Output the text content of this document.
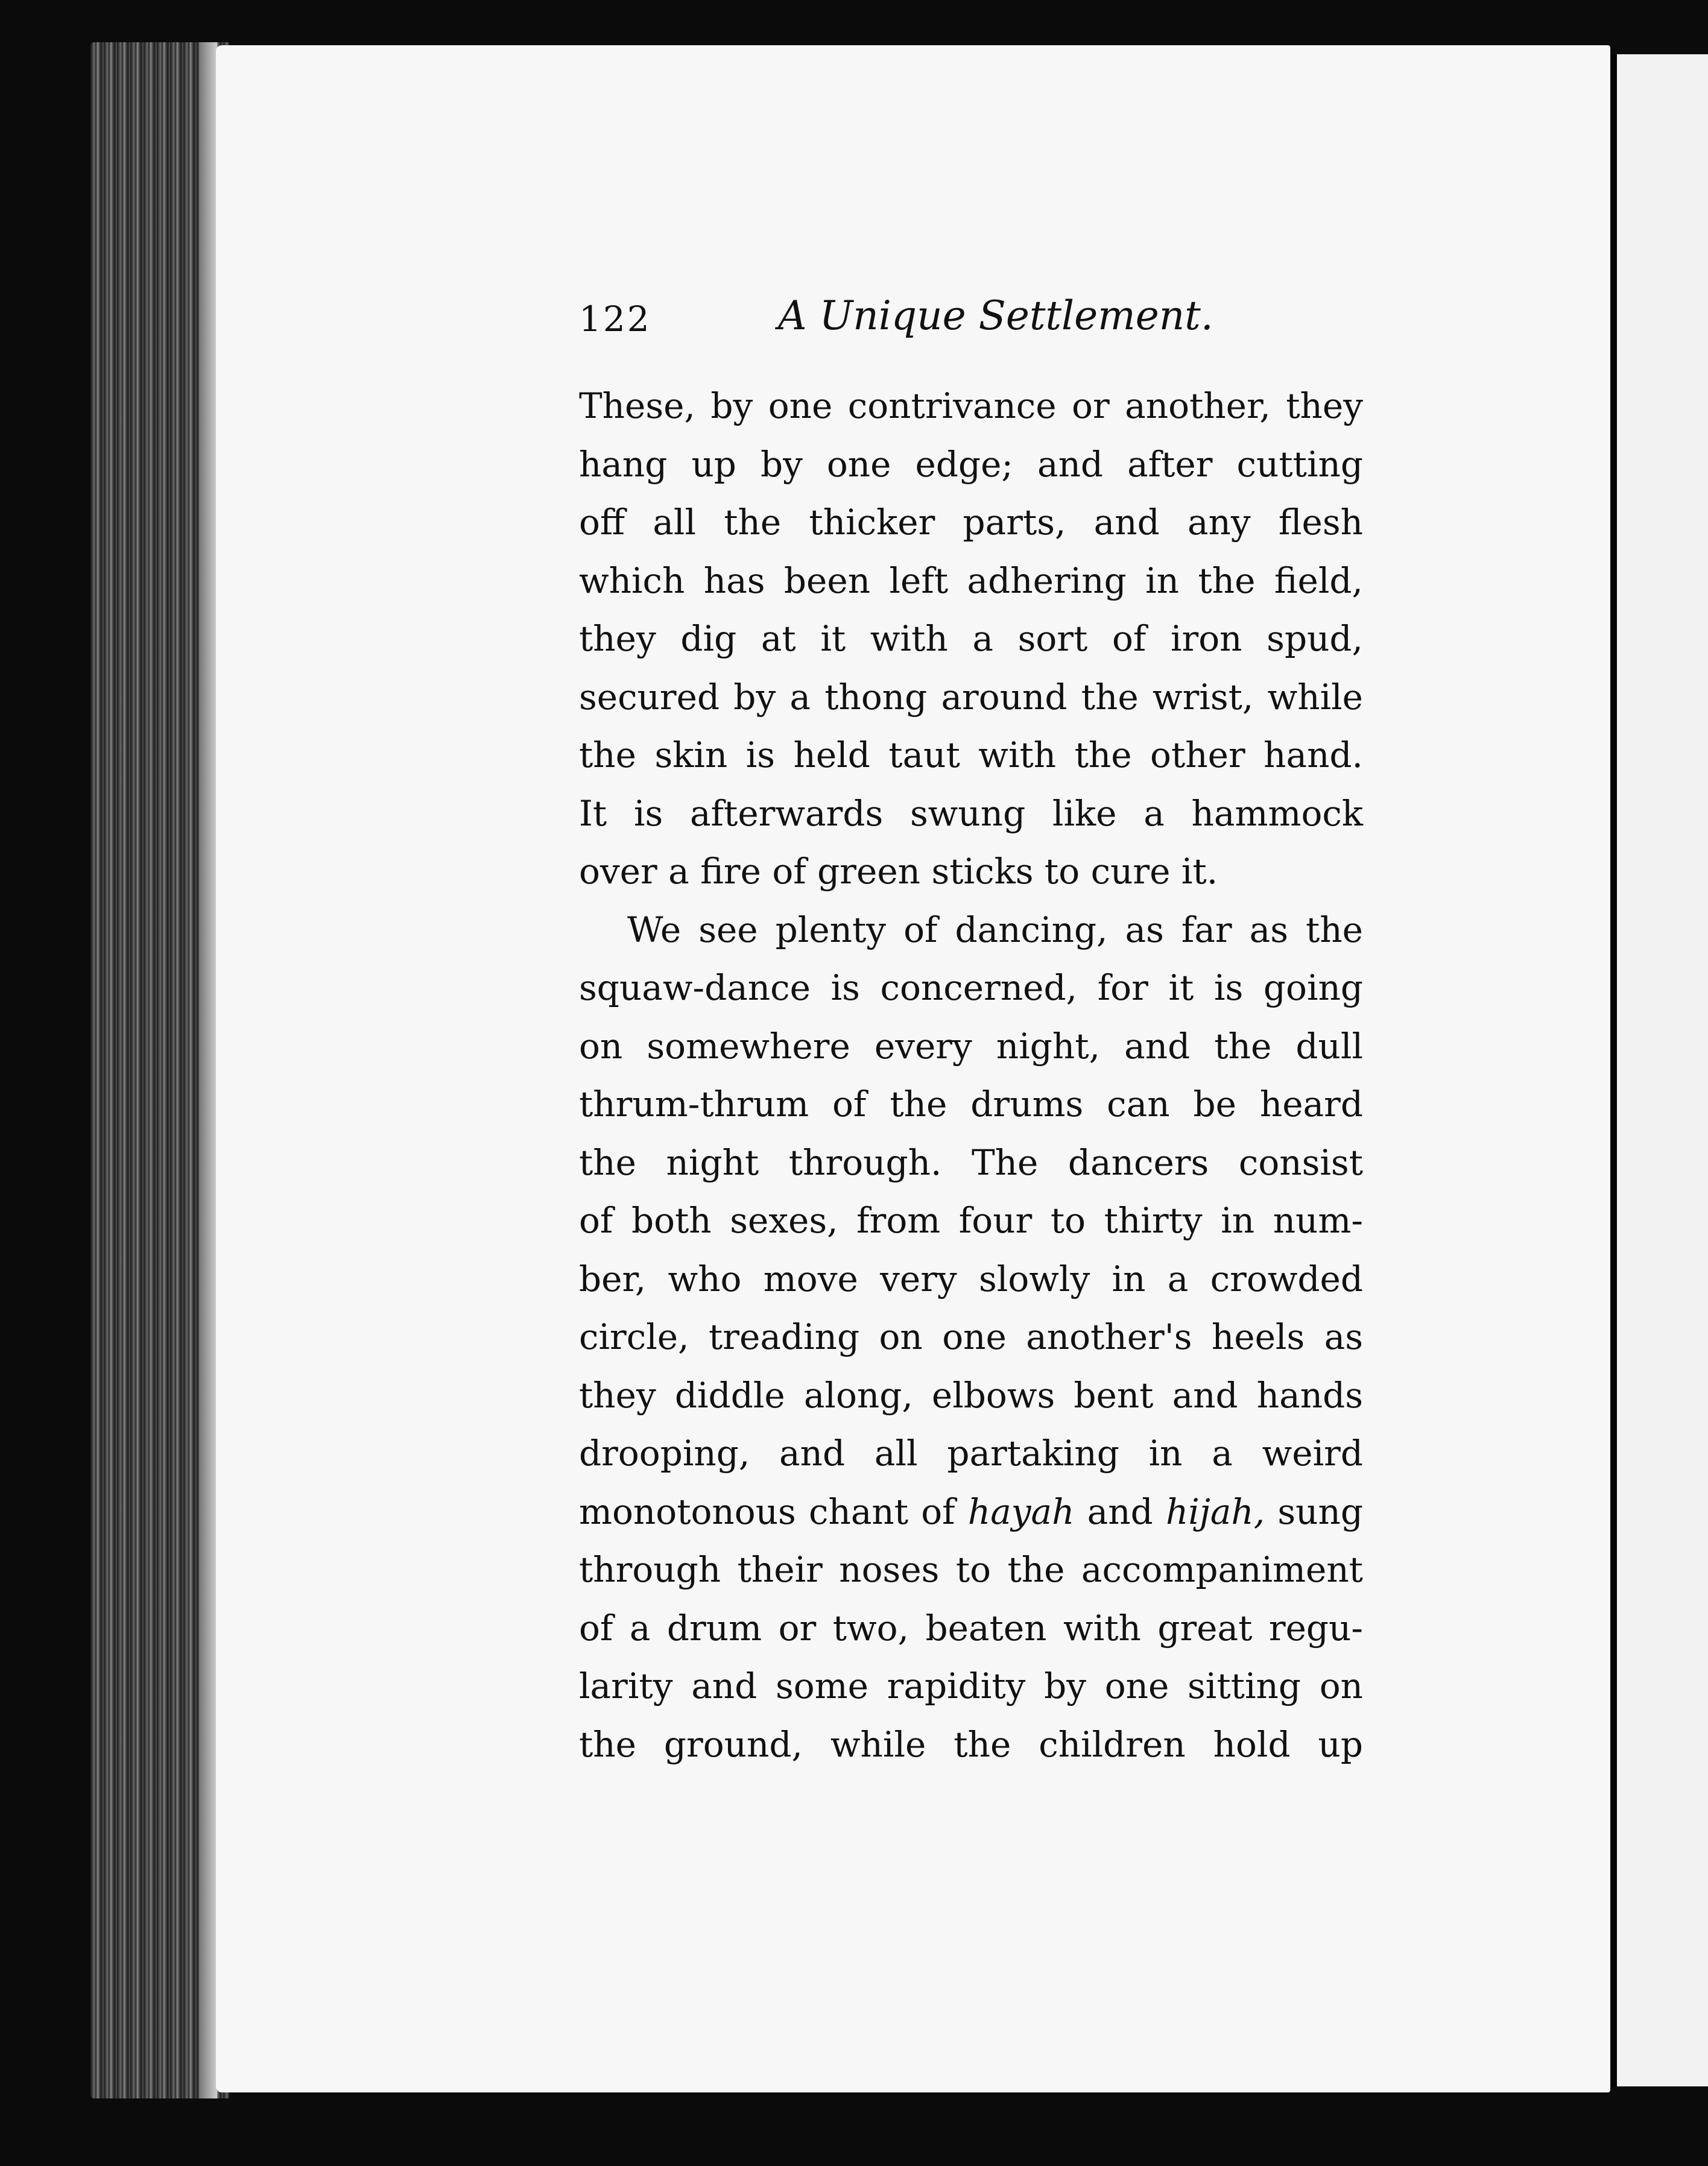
122	A Unique Settlement.
These, by one contrivance or another, they
hang up by one edge; and after cutting
off all the thicker parts, and any flesh
which has been left adhering in the field,
they dig at it with a sort of iron spud,
secured by a thong around the wrist, while
the skin is held taut with the other hand.
It is afterwards swung like a hammock
over a fire of green sticks to cure it.
We see plenty of dancing, as far as the
squaw-dance is concerned, for it is going
on somewhere every night, and the dull
thrum-thrum of the drums can be heard
the night through. The dancers consist
of both sexes, from four to thirty in num-
ber, who move very slowly in a crowded
circle, treading on one another's heels as
they diddle along, elbows bent and hands
drooping, and all partaking in a weird
monotonous chant of hayah and hijah, sung
through their noses to the accompaniment
of a drum or two, beaten with great regu-
larity and some rapidity by one sitting on
the ground, while the children hold up
